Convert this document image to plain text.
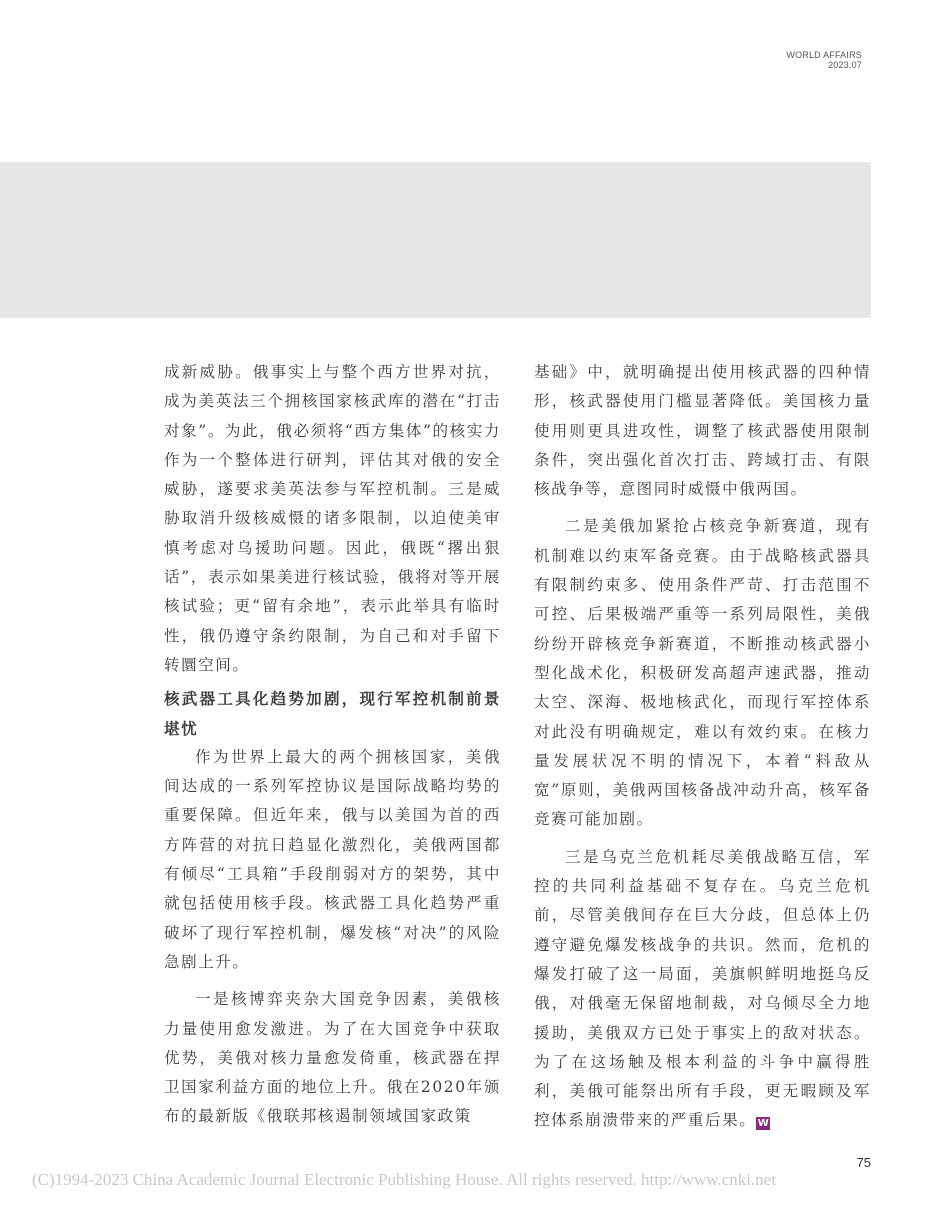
WORLD AFFAIRS
2023.07

成新威胁。俄事实上与整个西方世界对抗，成为美英法三个拥核国家核武库的潜在“打击对象”。为此，俄必须将“西方集体”的核实力作为一个整体进行研判，评估其对俄的安全威胁，遂要求美英法参与军控机制。三是威胁取消升级核威慑的诸多限制，以迫使美审慎考虑对乌援助问题。因此，俄既“撂出狠话”，表示如果美进行核试验，俄将对等开展核试验；更“留有余地”，表示此举具有临时性，俄仍遵守条约限制，为自己和对手留下转圜空间。

核武器工具化趋势加剧，现行军控机制前景堪忧

作为世界上最大的两个拥核国家，美俄间达成的一系列军控协议是国际战略均势的重要保障。但近年来，俄与以美国为首的西方阵营的对抗日趋显化激烈化，美俄两国都有倾尽“工具箱”手段削弱对方的架势，其中就包括使用核手段。核武器工具化趋势严重破坏了现行军控机制，爆发核“对决”的风险急剧上升。

一是核博弈夹杂大国竞争因素，美俄核力量使用愈发激进。为了在大国竞争中获取优势，美俄对核力量愈发倚重，核武器在捍卫国家利益方面的地位上升。俄在2020年颁布的最新版《俄联邦核遏制领域国家政策

基础》中，就明确提出使用核武器的四种情形，核武器使用门槛显著降低。美国核力量使用则更具进攻性，调整了核武器使用限制条件，突出强化首次打击、跨域打击、有限核战争等，意图同时威慑中俄两国。

二是美俄加紧抢占核竞争新赛道，现有机制难以约束军备竞赛。由于战略核武器具有限制约束多、使用条件严苛、打击范围不可控、后果极端严重等一系列局限性，美俄纷纷开辟核竞争新赛道，不断推动核武器小型化战术化，积极研发高超声速武器，推动太空、深海、极地核武化，而现行军控体系对此没有明确规定，难以有效约束。在核力量发展状况不明的情况下，本着“料敌从宽”原则，美俄两国核备战冲动升高，核军备竞赛可能加剧。

三是乌克兰危机耗尽美俄战略互信，军控的共同利益基础不复存在。乌克兰危机前，尽管美俄间存在巨大分歧，但总体上仍遵守避免爆发核战争的共识。然而，危机的爆发打破了这一局面，美旗帜鲜明地挺乌反俄，对俄毫无保留地制裁，对乌倾尽全力地援助，美俄双方已处于事实上的敌对状态。为了在这场触及根本利益的斗争中赢得胜利，美俄可能祭出所有手段，更无暇顾及军控体系崩溃带来的严重后果。W

75
(C)1994-2023 China Academic Journal Electronic Publishing House. All rights reserved. http://www.cnki.net
